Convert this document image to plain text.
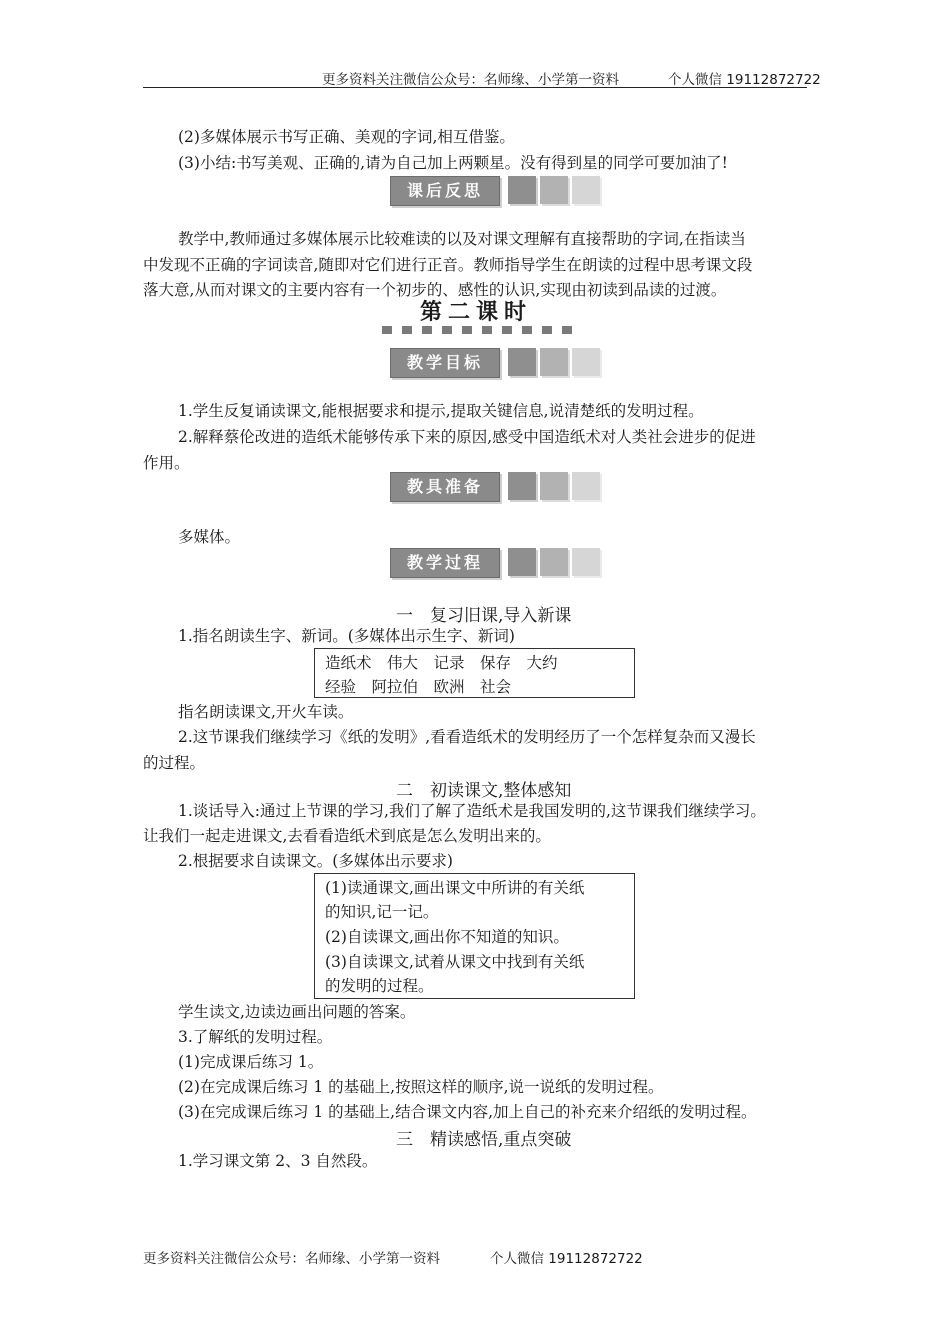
更多资料关注微信公众号：名师缘、小学第一资料	个人微信 19112872722
(2)多媒体展示书写正确、美观的字词,相互借鉴。
(3)小结:书写美观、正确的,请为自己加上两颗星。没有得到星的同学可要加油了!
课后反思
教学中,教师通过多媒体展示比较难读的以及对课文理解有直接帮助的字词,在指读当
中发现不正确的字词读音,随即对它们进行正音。教师指导学生在朗读的过程中思考课文段
落大意,从而对课文的主要内容有一个初步的、感性的认识,实现由初读到品读的过渡。
第二课时
教学目标
1.学生反复诵读课文,能根据要求和提示,提取关键信息,说清楚纸的发明过程。
2.解释蔡伦改进的造纸术能够传承下来的原因,感受中国造纸术对人类社会进步的促进
作用。
教具准备
多媒体。
教学过程
一　复习旧课,导入新课
1.指名朗读生字、新词。(多媒体出示生字、新词)
造纸术　伟大　记录　保存　大约
经验　阿拉伯　欧洲　社会
指名朗读课文,开火车读。
2.这节课我们继续学习《纸的发明》,看看造纸术的发明经历了一个怎样复杂而又漫长
的过程。
二　初读课文,整体感知
1.谈话导入:通过上节课的学习,我们了解了造纸术是我国发明的,这节课我们继续学习。
让我们一起走进课文,去看看造纸术到底是怎么发明出来的。
2.根据要求自读课文。(多媒体出示要求)
(1)读通课文,画出课文中所讲的有关纸
的知识,记一记。
(2)自读课文,画出你不知道的知识。
(3)自读课文,试着从课文中找到有关纸
的发明的过程。
学生读文,边读边画出问题的答案。
3.了解纸的发明过程。
(1)完成课后练习 1。
(2)在完成课后练习 1 的基础上,按照这样的顺序,说一说纸的发明过程。
(3)在完成课后练习 1 的基础上,结合课文内容,加上自己的补充来介绍纸的发明过程。
三　精读感悟,重点突破
1.学习课文第 2、3 自然段。
更多资料关注微信公众号：名师缘、小学第一资料	个人微信 19112872722
